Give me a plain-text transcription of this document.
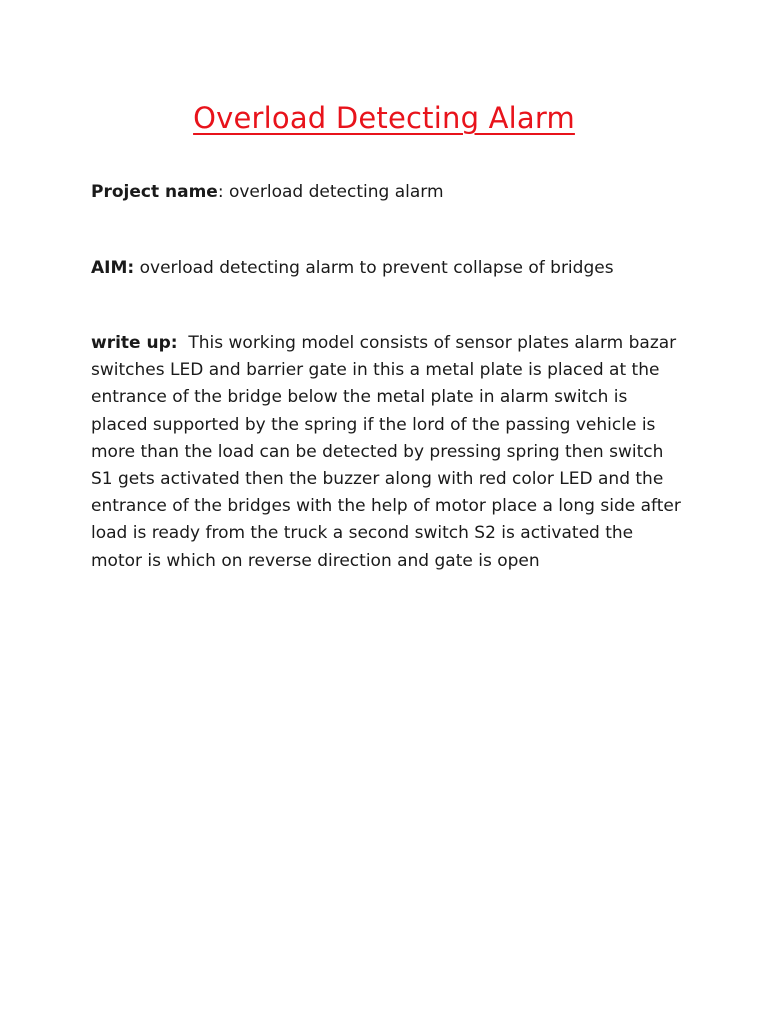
Overload Detecting Alarm

Project name: overload detecting alarm

AIM: overload detecting alarm to prevent collapse of bridges

write up:  This working model consists of sensor plates alarm bazar switches LED and barrier gate in this a metal plate is placed at the entrance of the bridge below the metal plate in alarm switch is placed supported by the spring if the lord of the passing vehicle is more than the load can be detected by pressing spring then switch S1 gets activated then the buzzer along with red color LED and the entrance of the bridges with the help of motor place a long side after load is ready from the truck a second switch S2 is activated the motor is which on reverse direction and gate is open
